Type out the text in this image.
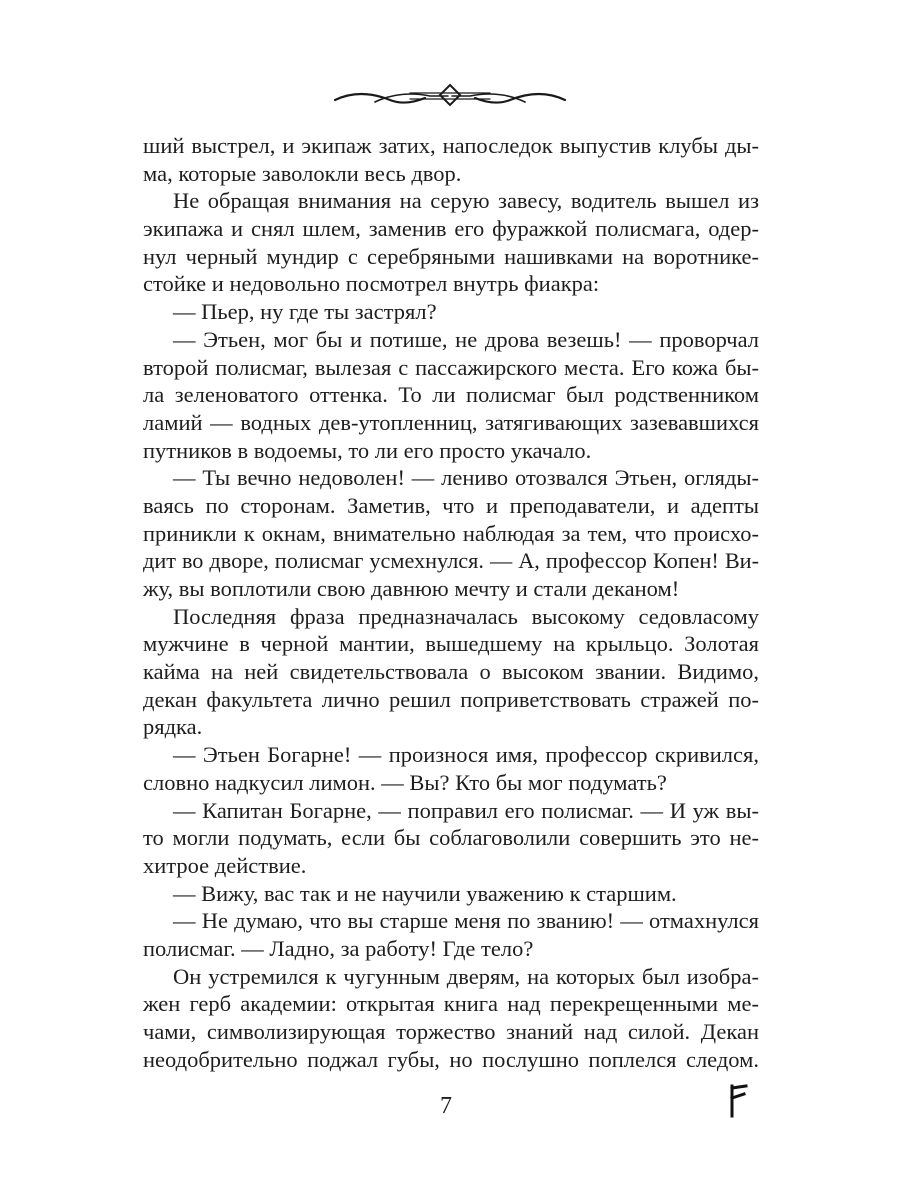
ший выстрел, и экипаж затих, напоследок выпустив клубы ды-
ма, которые заволокли весь двор.
Не обращая внимания на серую завесу, водитель вышел из
экипажа и снял шлем, заменив его фуражкой полисмага, одер-
нул черный мундир с серебряными нашивками на воротнике-
стойке и недовольно посмотрел внутрь фиакра:
— Пьер, ну где ты застрял?
— Этьен, мог бы и потише, не дрова везешь! — проворчал
второй полисмаг, вылезая с пассажирского места. Его кожа бы-
ла зеленоватого оттенка. То ли полисмаг был родственником
ламий — водных дев-утопленниц, затягивающих зазевавшихся
путников в водоемы, то ли его просто укачало.
— Ты вечно недоволен! — лениво отозвался Этьен, огляды-
ваясь по сторонам. Заметив, что и преподаватели, и адепты
приникли к окнам, внимательно наблюдая за тем, что происхо-
дит во дворе, полисмаг усмехнулся. — А, профессор Копен! Ви-
жу, вы воплотили свою давнюю мечту и стали деканом!
Последняя фраза предназначалась высокому седовласому
мужчине в черной мантии, вышедшему на крыльцо. Золотая
кайма на ней свидетельствовала о высоком звании. Видимо,
декан факультета лично решил поприветствовать стражей по-
рядка.
— Этьен Богарне! — произнося имя, профессор скривился,
словно надкусил лимон. — Вы? Кто бы мог подумать?
— Капитан Богарне, — поправил его полисмаг. — И уж вы-
то могли подумать, если бы соблаговолили совершить это не-
хитрое действие.
— Вижу, вас так и не научили уважению к старшим.
— Не думаю, что вы старше меня по званию! — отмахнулся
полисмаг. — Ладно, за работу! Где тело?
Он устремился к чугунным дверям, на которых был изобра-
жен герб академии: открытая книга над перекрещенными ме-
чами, символизирующая торжество знаний над силой. Декан
неодобрительно поджал губы, но послушно поплелся следом.
7
